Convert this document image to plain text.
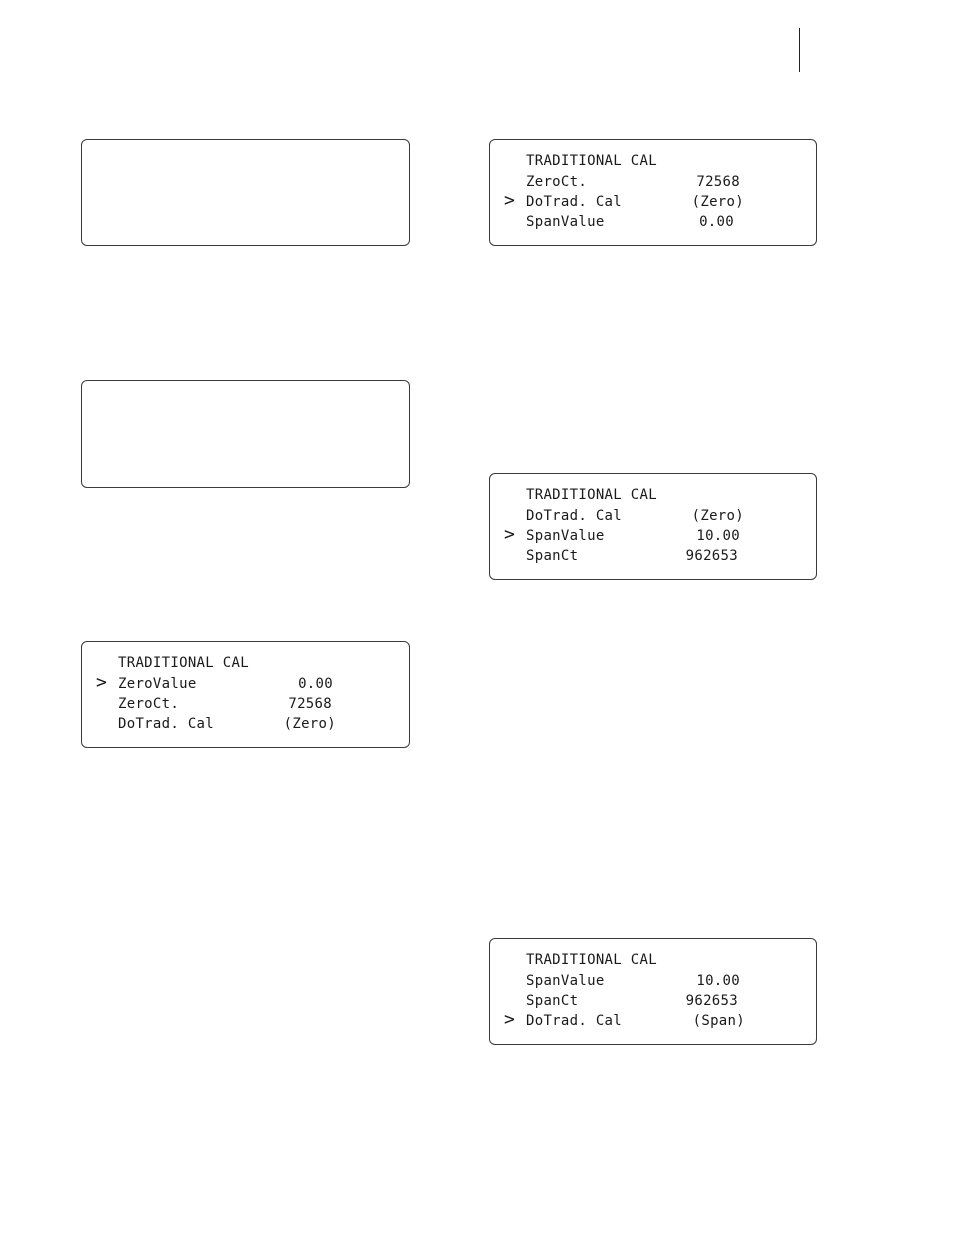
TRADITIONAL CAL
ZeroCt.	72568
> DoTrad. Cal	(Zero)
SpanValue	0.00
TRADITIONAL CAL
DoTrad. Cal	(Zero)
> SpanValue	10.00
SpanCt	962653
TRADITIONAL CAL
> ZeroValue	0.00
ZeroCt.	72568
DoTrad. Cal	(Zero)
TRADITIONAL CAL
SpanValue	10.00
SpanCt	962653
> DoTrad. Cal	(Span)
